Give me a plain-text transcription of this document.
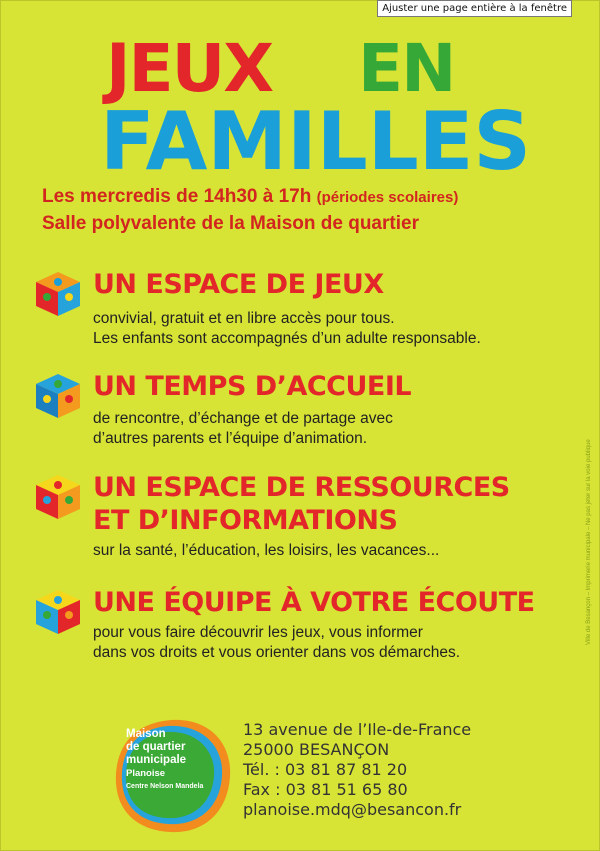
Ajuster une page entière à la fenêtre
JEUX EN
FAMILLES
Les mercredis de 14h30 à 17h (périodes scolaires)
Salle polyvalente de la Maison de quartier
UN ESPACE DE JEUX
convivial, gratuit et en libre accès pour tous.
Les enfants sont accompagnés d’un adulte responsable.
UN TEMPS D’ACCUEIL
de rencontre, d’échange et de partage avec
d’autres parents et l’équipe d’animation.
UN ESPACE DE RESSOURCES
ET D’INFORMATIONS
sur la santé, l’éducation, les loisirs, les vacances...
UNE ÉQUIPE À VOTRE ÉCOUTE
pour vous faire découvrir les jeux, vous informer
dans vos droits et vous orienter dans vos démarches.
Maison
de quartier
municipale
Planoise
Centre Nelson Mandela
13 avenue de l’Ile-de-France
25000 BESANÇON
Tél. : 03 81 87 81 20
Fax : 03 81 51 65 80
planoise.mdq@besancon.fr
Ville de Besançon – Imprimerie municipale – Ne pas jeter sur la voie publique
